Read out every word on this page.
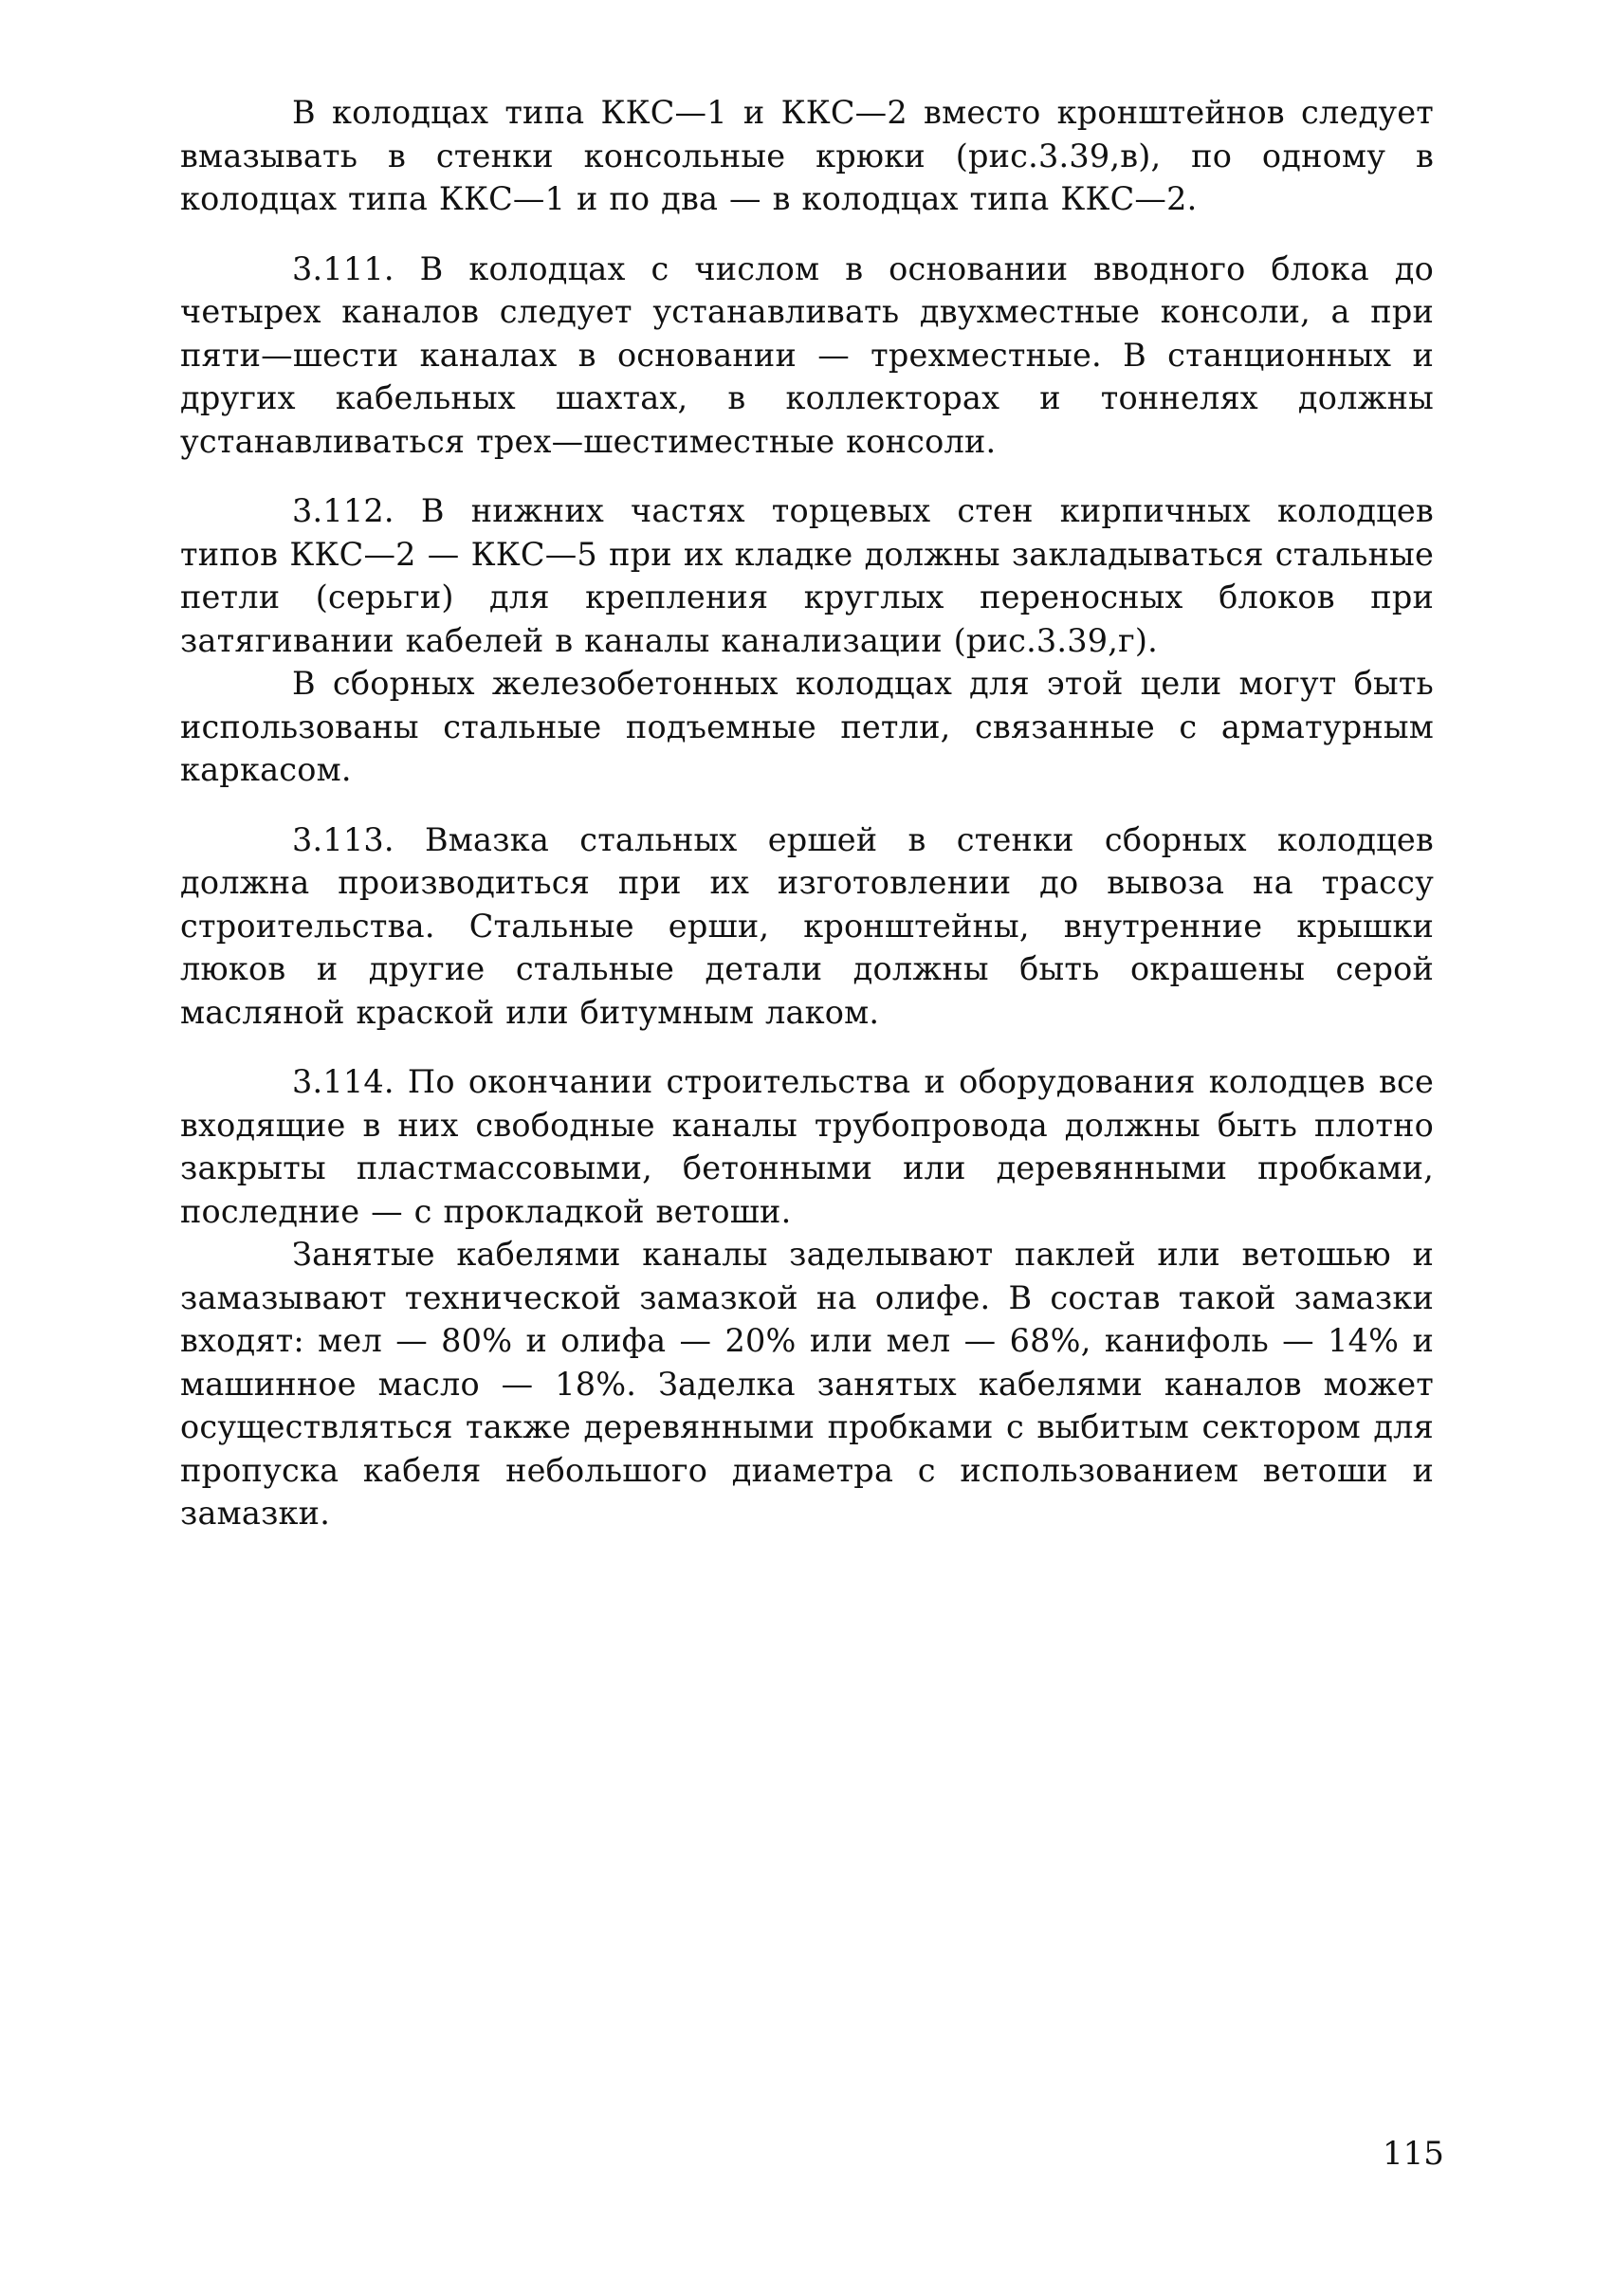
В колодцах типа ККС—1 и ККС—2 вместо кронштейнов следует вмазывать в стенки консольные крюки (рис.3.39,в), по одному в колодцах типа ККС—1 и по два — в колодцах типа ККС—2.

3.111. В колодцах с числом в основании вводного блока до четырех каналов следует устанавливать двухместные консоли, а при пяти—шести каналах в основании — трехместные. В станционных и других кабельных шахтах, в коллекторах и тоннелях должны устанавливаться трех—шестиместные консоли.

3.112. В нижних частях торцевых стен кирпичных колодцев типов ККС—2 — ККС—5 при их кладке должны закладываться стальные петли (серьги) для крепления круглых переносных блоков при затягивании кабелей в каналы канализации (рис.3.39,г).

В сборных железобетонных колодцах для этой цели могут быть использованы стальные подъемные петли, связанные с арматурным каркасом.

3.113. Вмазка стальных ершей в стенки сборных колодцев должна производиться при их изготовлении до вывоза на трассу строительства. Стальные ерши, кронштейны, внутренние крышки люков и другие стальные детали должны быть окрашены серой масляной краской или битумным лаком.

3.114. По окончании строительства и оборудования колодцев все входящие в них свободные каналы трубопровода должны быть плотно закрыты пластмассовыми, бетонными или деревянными пробками, последние — с прокладкой ветоши.

Занятые кабелями каналы заделывают паклей или ветошью и замазывают технической замазкой на олифе. В состав такой замазки входят: мел — 80% и олифа — 20% или мел — 68%, канифоль — 14% и машинное масло — 18%. Заделка занятых кабелями каналов может осуществляться также деревянными пробками с выбитым сектором для пропуска кабеля небольшого диаметра с использованием ветоши и замазки.

115
